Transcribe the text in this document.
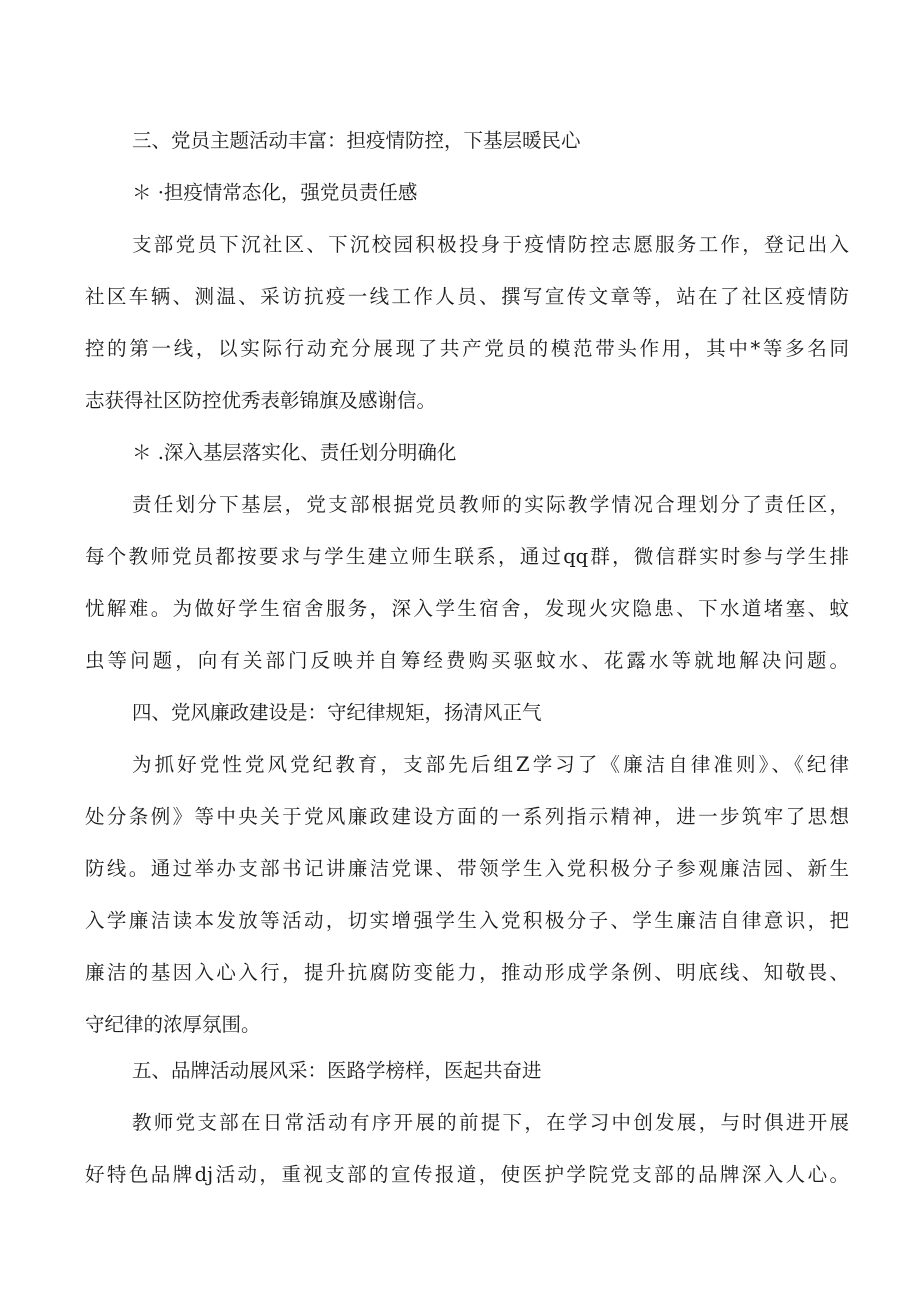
三、党员主题活动丰富：担疫情防控，下基层暖民心
＊ ·担疫情常态化，强党员责任感
支部党员下沉社区、下沉校园积极投身于疫情防控志愿服务工作，登记出入
社区车辆、测温、采访抗疫一线工作人员、撰写宣传文章等，站在了社区疫情防
控的第一线，以实际行动充分展现了共产党员的模范带头作用，其中*等多名同
志获得社区防控优秀表彰锦旗及感谢信。
＊ .深入基层落实化、责任划分明确化
责任划分下基层，党支部根据党员教师的实际教学情况合理划分了责任区，
每个教师党员都按要求与学生建立师生联系，通过qq群，微信群实时参与学生排
忧解难。为做好学生宿舍服务，深入学生宿舍，发现火灾隐患、下水道堵塞、蚊
虫等问题，向有关部门反映并自筹经费购买驱蚊水、花露水等就地解决问题。
四、党风廉政建设是：守纪律规矩，扬清风正气
为抓好党性党风党纪教育，支部先后组Z学习了《廉洁自律准则》、《纪律
处分条例》等中央关于党风廉政建设方面的一系列指示精神，进一步筑牢了思想
防线。通过举办支部书记讲廉洁党课、带领学生入党积极分子参观廉洁园、新生
入学廉洁读本发放等活动，切实增强学生入党积极分子、学生廉洁自律意识，把
廉洁的基因入心入行，提升抗腐防变能力，推动形成学条例、明底线、知敬畏、
守纪律的浓厚氛围。
五、品牌活动展风采：医路学榜样，医起共奋进
教师党支部在日常活动有序开展的前提下，在学习中创发展，与时俱进开展
好特色品牌dj活动，重视支部的宣传报道，使医护学院党支部的品牌深入人心。
